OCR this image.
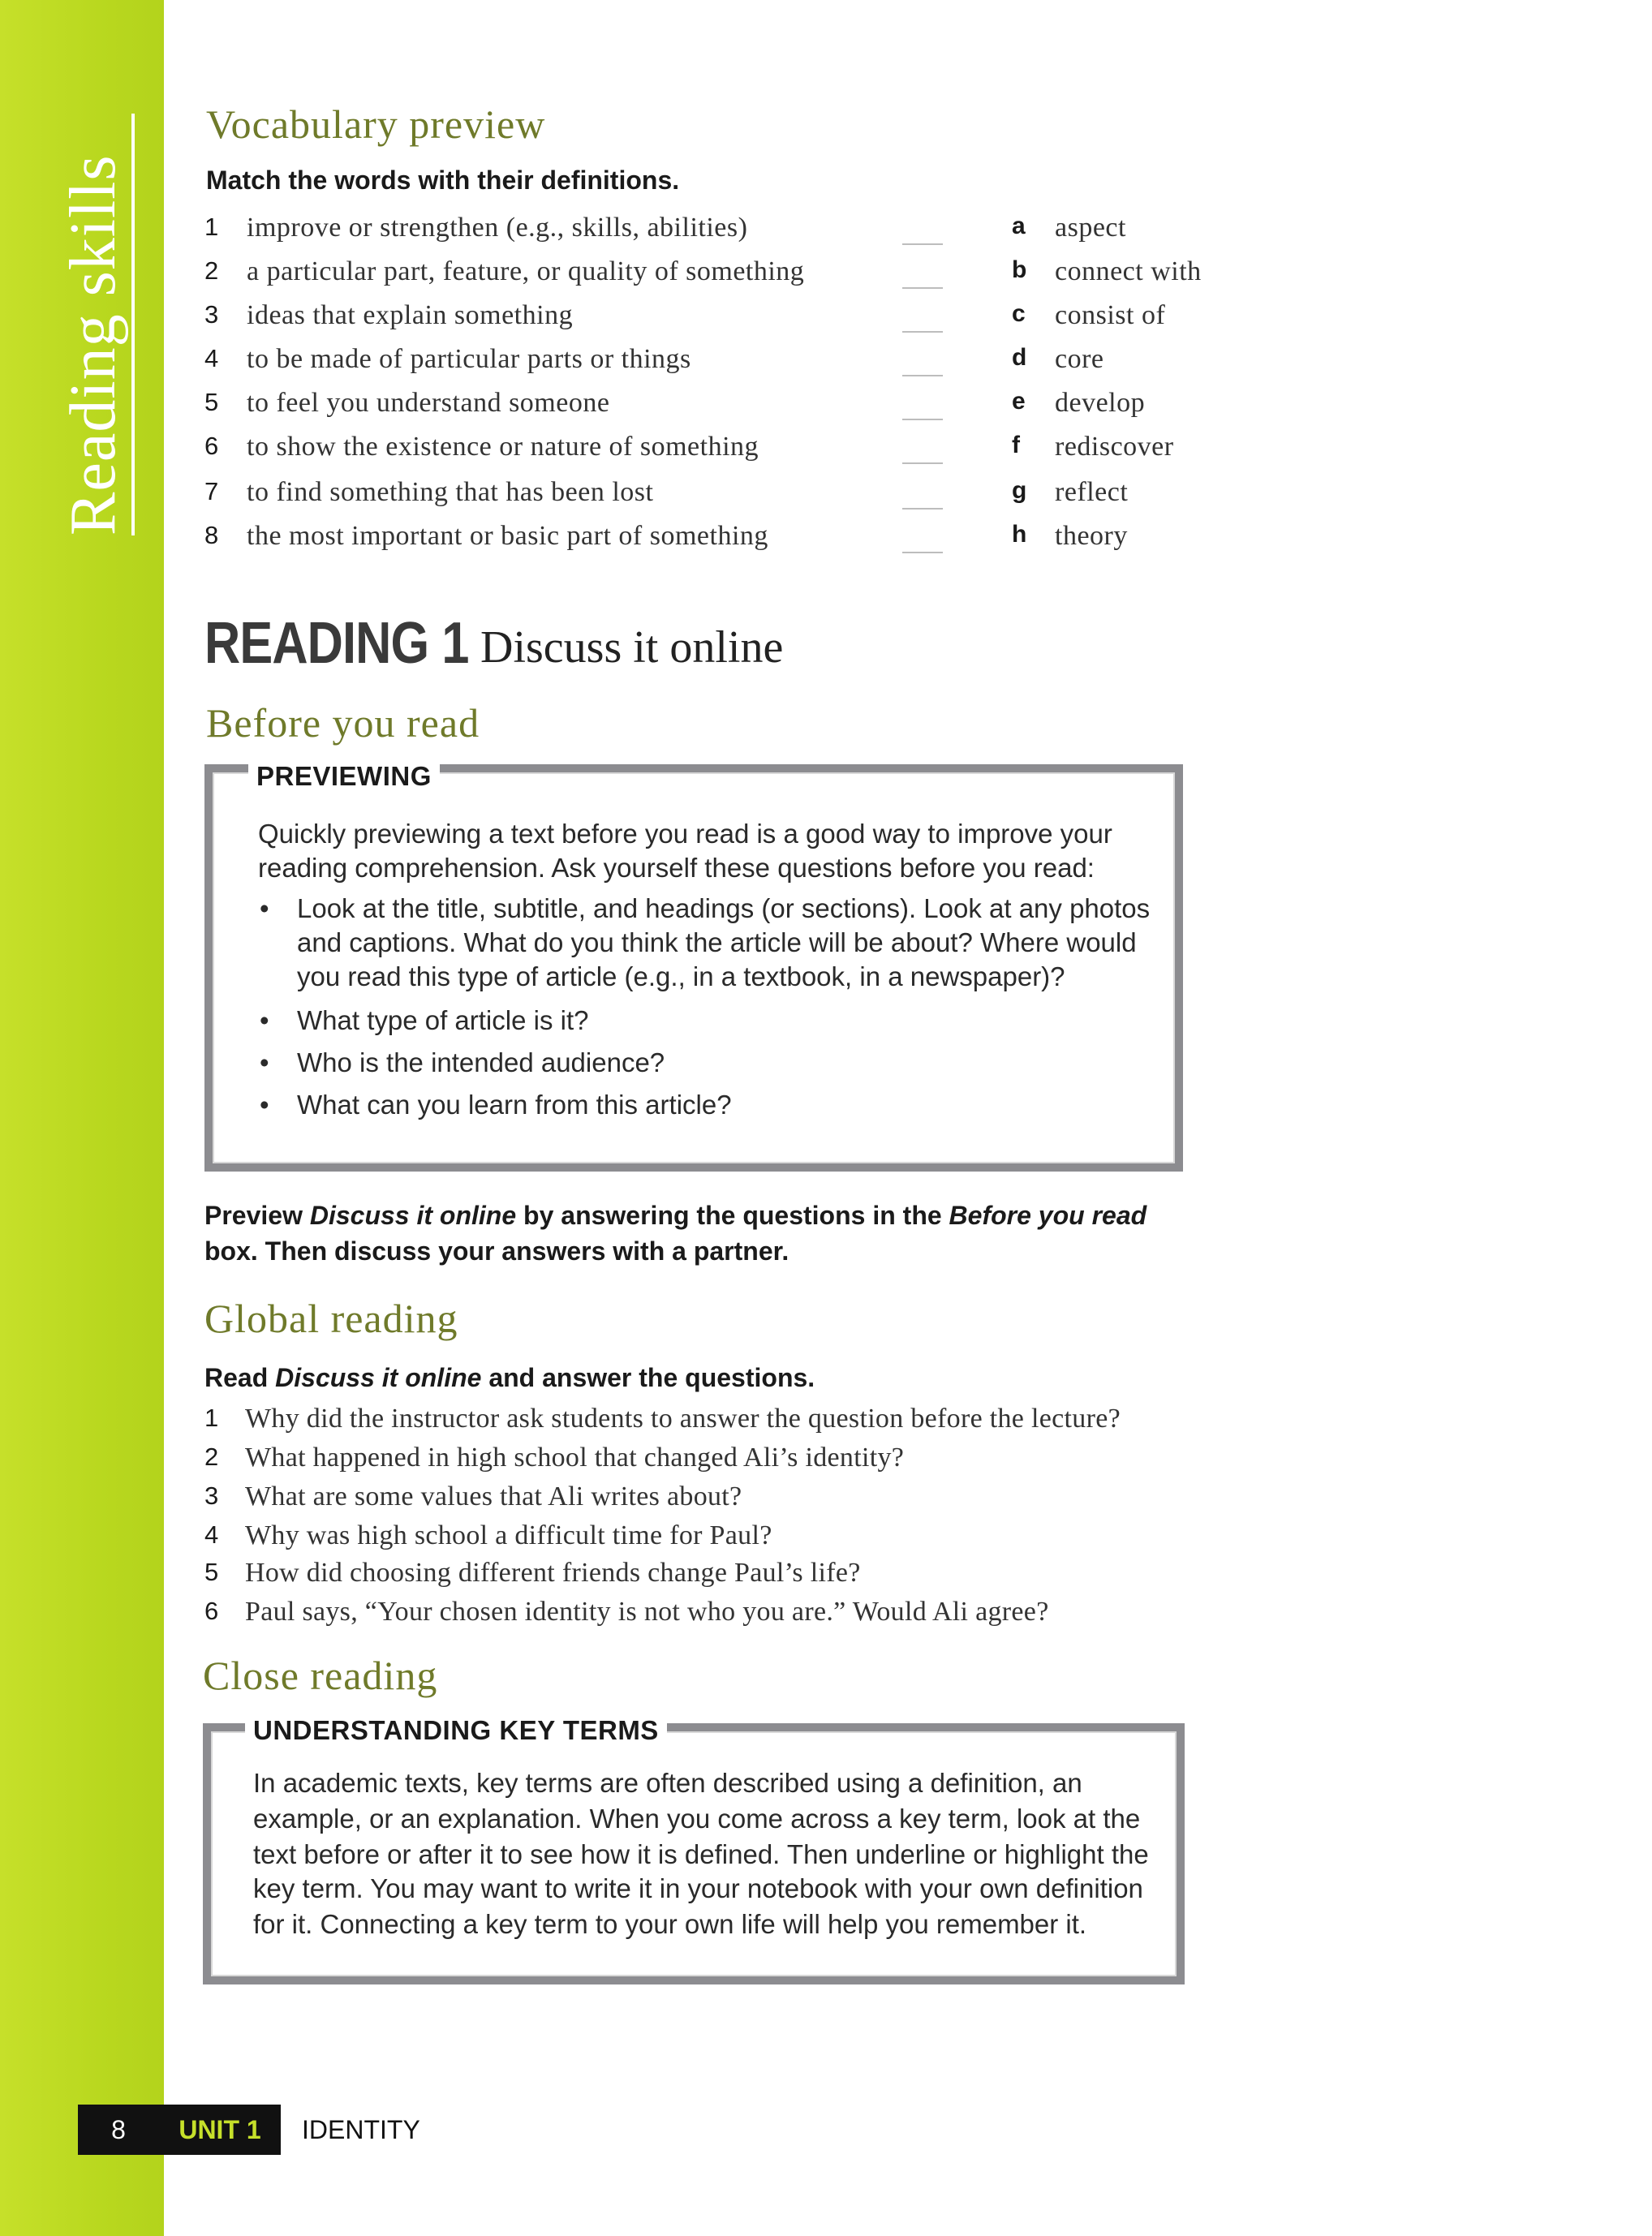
Reading skills
Vocabulary preview
Match the words with their definitions.
1 improve or strengthen (e.g., skills, abilities)	a aspect
2 a particular part, feature, or quality of something	b connect with
3 ideas that explain something	c consist of
4 to be made of particular parts or things	d core
5 to feel you understand someone	e develop
6 to show the existence or nature of something	f rediscover
7 to find something that has been lost	g reflect
8 the most important or basic part of something	h theory
READING 1 Discuss it online
Before you read
PREVIEWING
Quickly previewing a text before you read is a good way to improve your
reading comprehension. Ask yourself these questions before you read:
• Look at the title, subtitle, and headings (or sections). Look at any photos
and captions. What do you think the article will be about? Where would
you read this type of article (e.g., in a textbook, in a newspaper)?
• What type of article is it?
• Who is the intended audience?
• What can you learn from this article?
Preview Discuss it online by answering the questions in the Before you read
box. Then discuss your answers with a partner.
Global reading
Read Discuss it online and answer the questions.
1 Why did the instructor ask students to answer the question before the lecture?
2 What happened in high school that changed Ali’s identity?
3 What are some values that Ali writes about?
4 Why was high school a difficult time for Paul?
5 How did choosing different friends change Paul’s life?
6 Paul says, “Your chosen identity is not who you are.” Would Ali agree?
Close reading
UNDERSTANDING KEY TERMS
In academic texts, key terms are often described using a definition, an
example, or an explanation. When you come across a key term, look at the
text before or after it to see how it is defined. Then underline or highlight the
key term. You may want to write it in your notebook with your own definition
for it. Connecting a key term to your own life will help you remember it.
8	UNIT 1	IDENTITY
